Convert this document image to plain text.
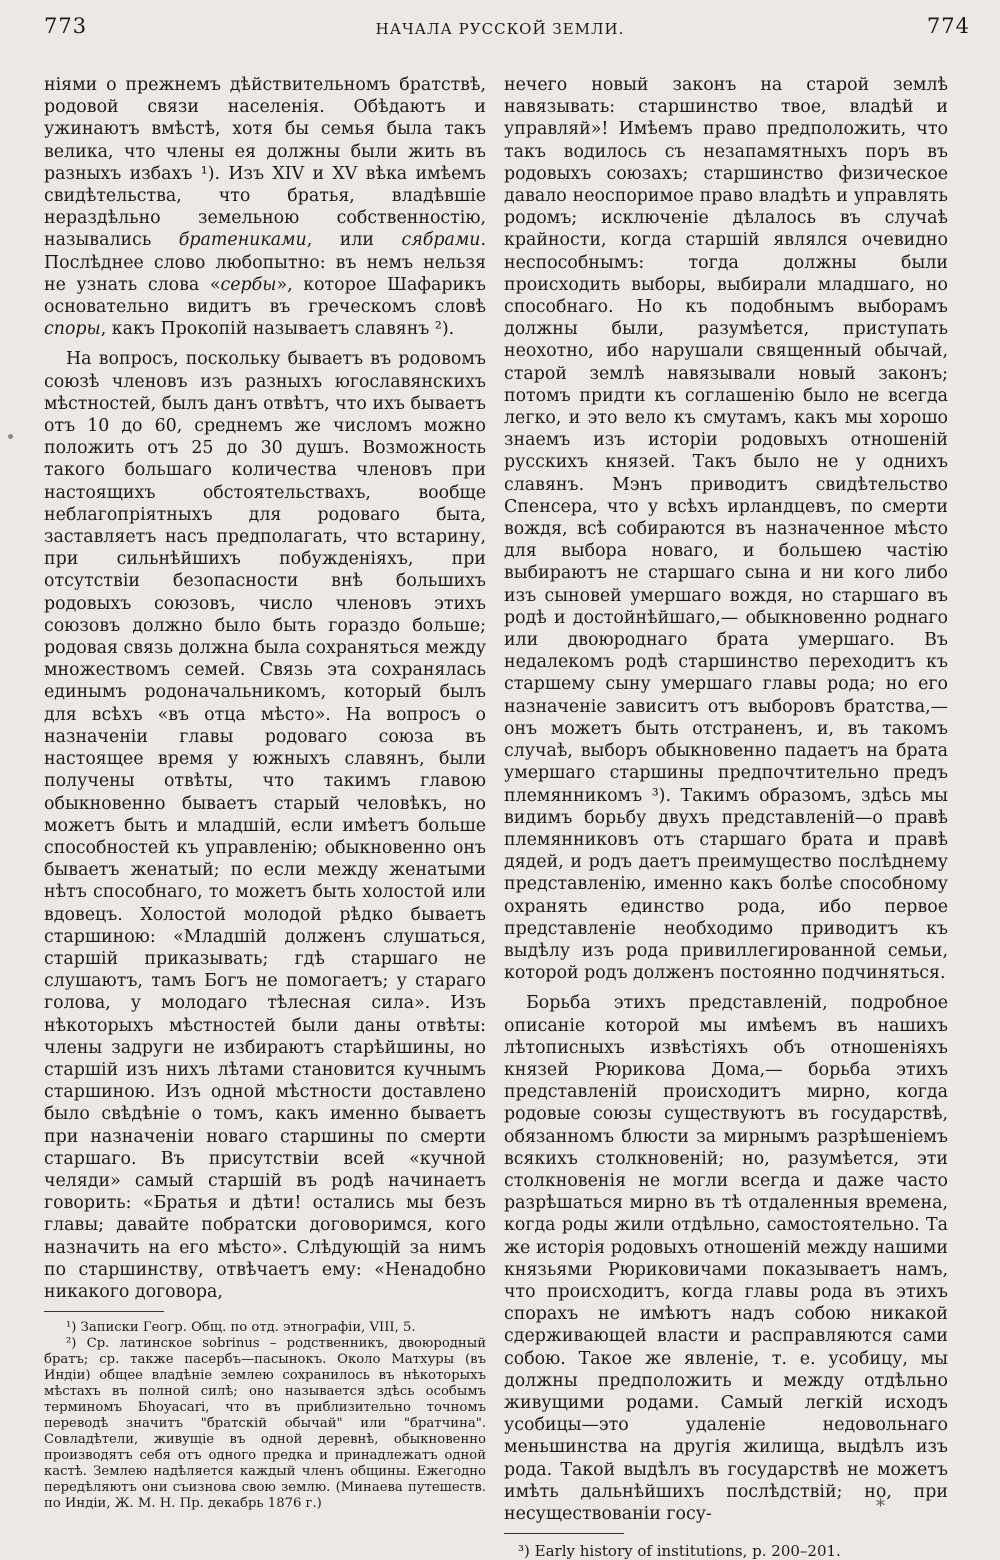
773	НАЧАЛА РУССКОЙ ЗЕМЛИ.	774

ніями о прежнемъ дѣйствительномъ братствѣ, родовой связи населенія. Обѣдаютъ и ужинаютъ вмѣстѣ, хотя бы семья была такъ велика, что члены ея должны были жить въ разныхъ избахъ ¹). Изъ XIV и XV вѣка имѣемъ свидѣтельства, что братья, владѣвшіе нераздѣльно земельною собственностію, назывались братениками, или сябрами. Послѣднее слово любопытно: въ немъ нельзя не узнать слова «сербы», которое Шафарикъ основательно видитъ въ греческомъ словѣ споры, какъ Прокопій называетъ славянъ ²).

На вопросъ, поскольку бываетъ въ родовомъ союзѣ членовъ изъ разныхъ югославянскихъ мѣстностей, былъ данъ отвѣтъ, что ихъ бываетъ отъ 10 до 60, среднемъ же числомъ можно положить отъ 25 до 30 душъ. Возможность такого большаго количества членовъ при настоящихъ обстоятельствахъ, вообще неблагопріятныхъ для родоваго быта, заставляетъ насъ предполагать, что встарину, при сильнѣйшихъ побужденіяхъ, при отсутствіи безопасности внѣ большихъ родовыхъ союзовъ, число членовъ этихъ союзовъ должно было быть гораздо больше; родовая связь должна была сохраняться между множествомъ семей. Связь эта сохранялась единымъ родоначальникомъ, который былъ для всѣхъ «въ отца мѣсто». На вопросъ о назначеніи главы родоваго союза въ настоящее время у южныхъ славянъ, были получены отвѣты, что такимъ главою обыкновенно бываетъ старый человѣкъ, но можетъ быть и младшій, если имѣетъ больше способностей къ управленію; обыкновенно онъ бываетъ женатый; по если между женатыми нѣтъ способнаго, то можетъ быть холостой или вдовецъ. Холостой молодой рѣдко бываетъ старшиною: «Младшій долженъ слушаться, старшій приказывать; гдѣ старшаго не слушаютъ, тамъ Богъ не помогаетъ; у стараго голова, у молодаго тѣлесная сила». Изъ нѣкоторыхъ мѣстностей были даны отвѣты: члены задруги не избираютъ старѣйшины, но старшій изъ нихъ лѣтами становится кучнымъ старшиною. Изъ одной мѣстности доставлено было свѣдѣніе о томъ, какъ именно бываетъ при назначеніи новаго старшины по смерти старшаго. Въ присутствіи всей «кучной челяди» самый старшій въ родѣ начинаетъ говорить: «Братья и дѣти! остались мы безъ главы; давайте побратски договоримся, кого назначить на его мѣсто». Слѣдующій за нимъ по старшинству, отвѣчаетъ ему: «Ненадобно никакого договора,

¹) Записки Геогр. Общ. по отд. этнографіи, VIII, 5.

²) Ср. латинское sobrinus – родственникъ, двоюродный братъ; ср. также пасербъ—пасынокъ. Около Матхуры (въ Индіи) общее владѣніе землею сохранилось въ нѣкоторыхъ мѣстахъ въ полной силѣ; оно называется здѣсь особымъ терминомъ Бhоуасаri, что въ приблизительно точномъ переводѣ значитъ "братскій обычай" или "братчина". Совладѣтели, живущіе въ одной деревнѣ, обыкновенно производятъ себя отъ одного предка и принадлежатъ одной кастѣ. Землею надѣляется каждый членъ общины. Ежегодно передѣляютъ они съизнова свою землю. (Минаева путешеств. по Индіи, Ж. М. Н. Пр. декабрь 1876 г.)

нечего новый законъ на старой землѣ навязывать: старшинство твое, владѣй и управляй»! Имѣемъ право предположить, что такъ водилось съ незапамятныхъ поръ въ родовыхъ союзахъ; старшинство физическое давало неоспоримое право владѣть и управлять родомъ; исключеніе дѣлалось въ случаѣ крайности, когда старшій являлся очевидно неспособнымъ: тогда должны были происходить выборы, выбирали младшаго, но способнаго. Но къ подобнымъ выборамъ должны были, разумѣется, приступать неохотно, ибо нарушали священный обычай, старой землѣ навязывали новый законъ; потомъ придти къ соглашенію было не всегда легко, и это вело къ смутамъ, какъ мы хорошо знаемъ изъ исторіи родовыхъ отношеній русскихъ князей. Такъ было не у однихъ славянъ. Мэнъ приводитъ свидѣтельство Спенсера, что у всѣхъ ирландцевъ, по смерти вождя, всѣ собираются въ назначенное мѣсто для выбора новаго, и большею частію выбираютъ не старшаго сына и ни кого либо изъ сыновей умершаго вождя, но старшаго въ родѣ и достойнѣйшаго,— обыкновенно роднаго или двоюроднаго брата умершаго. Въ недалекомъ родѣ старшинство переходитъ къ старшему сыну умершаго главы рода; но его назначеніе зависитъ отъ выборовъ братства,—онъ можетъ быть отстраненъ, и, въ такомъ случаѣ, выборъ обыкновенно падаетъ на брата умершаго старшины предпочтительно предъ племянникомъ ³). Такимъ образомъ, здѣсь мы видимъ борьбу двухъ представленій—о правѣ племянниковъ отъ старшаго брата и правѣ дядей, и родъ даетъ преимущество послѣднему представленію, именно какъ болѣе способному охранять единство рода, ибо первое представленіе необходимо приводитъ къ выдѣлу изъ рода привиллегированной семьи, которой родъ долженъ постоянно подчиняться.

Борьба этихъ представленій, подробное описаніе которой мы имѣемъ въ нашихъ лѣтописныхъ извѣстіяхъ объ отношеніяхъ князей Рюрикова Дома,— борьба этихъ представленій происходитъ мирно, когда родовые союзы существуютъ въ государствѣ, обязанномъ блюсти за мирнымъ разрѣшеніемъ всякихъ столкновеній; но, разумѣется, эти столкновенія не могли всегда и даже часто разрѣшаться мирно въ тѣ отдаленныя времена, когда роды жили отдѣльно, самостоятельно. Та же исторія родовыхъ отношеній между нашими князьями Рюриковичами показываетъ намъ, что происходитъ, когда главы рода въ этихъ спорахъ не имѣютъ надъ собою никакой сдерживающей власти и расправляются сами собою. Такое же явленіе, т. е. усобицу, мы должны предположить и между отдѣльно живущими родами. Самый легкій исходъ усобицы—это удаленіе недовольнаго меньшинства на другія жилища, выдѣлъ изъ рода. Такой выдѣлъ въ государствѣ не можетъ имѣть дальнѣйшихъ послѣдствій; но, при несуществованіи госу-

³) Early history of institutions, p. 200–201.

*
